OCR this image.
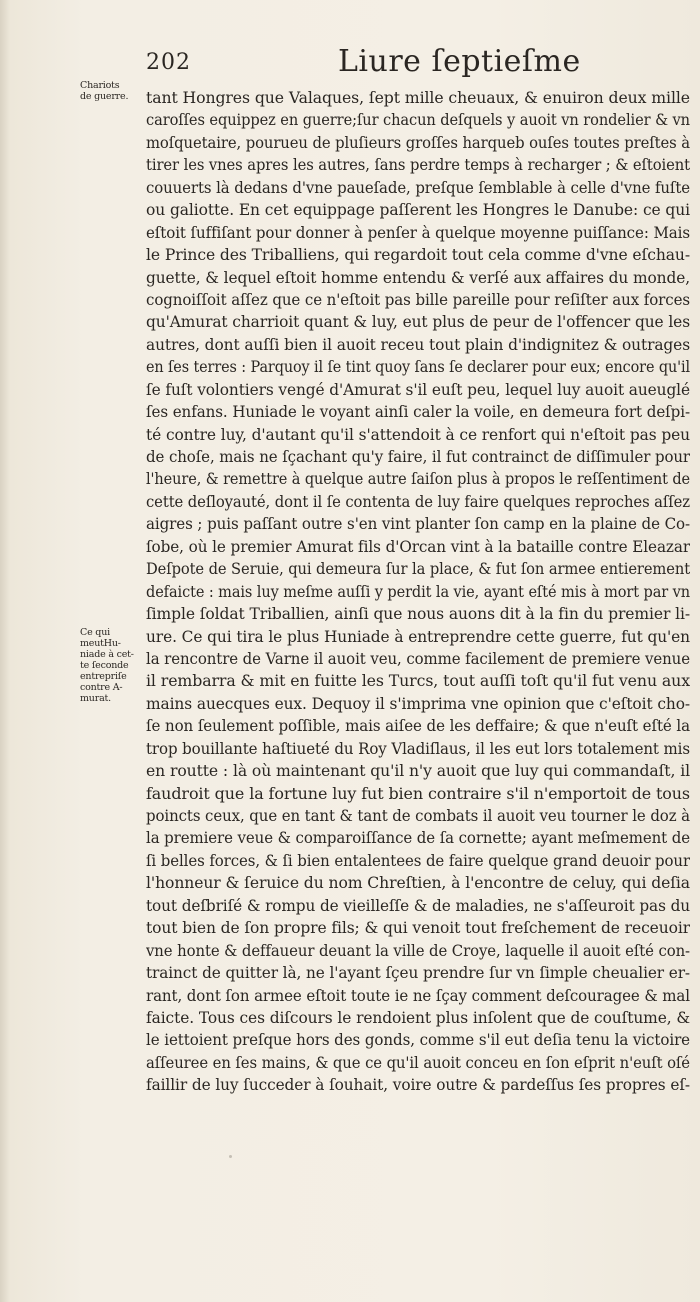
202	Liure ſeptieſme
Chariots
de guerre.
Ce qui
meutHu-
niade à cet-
te ſeconde
entrepriſe
contre A-
murat.
tant Hongres que Valaques, ſept mille cheuaux, & enuiron deux mille
caroſſes equippez en guerre;ſur chacun deſquels y auoit vn rondelier & vn
moſquetaire, pourueu de pluſieurs groſſes harqueb ouſes toutes preſtes à
tirer les vnes apres les autres, ſans perdre temps à recharger ; & eſtoient
couuerts là dedans d'vne paueſade, preſque ſemblable à celle d'vne fuſte
ou galiotte. En cet equippage paſſerent les Hongres le Danube: ce qui
eſtoit ſuffiſant pour donner à penſer à quelque moyenne puiſſance: Mais
le Prince des Triballiens, qui regardoit tout cela comme d'vne eſchau-
guette, & lequel eſtoit homme entendu & verſé aux affaires du monde,
cognoiſſoit aſſez que ce n'eſtoit pas bille pareille pour reſiſter aux forces
qu'Amurat charrioit quant & luy, eut plus de peur de l'offencer que les
autres, dont auſſi bien il auoit receu tout plain d'indignitez & outrages
en ſes terres : Parquoy il ſe tint quoy ſans ſe declarer pour eux; encore qu'il
ſe fuſt volontiers vengé d'Amurat s'il euſt peu, lequel luy auoit aueuglé
ſes enfans. Huniade le voyant ainſi caler la voile, en demeura fort deſpi-
té contre luy, d'autant qu'il s'attendoit à ce renfort qui n'eſtoit pas peu
de choſe, mais ne ſçachant qu'y faire, il fut contrainct de diſſimuler pour
l'heure, & remettre à quelque autre ſaiſon plus à propos le reſſentiment de
cette deſloyauté, dont il ſe contenta de luy faire quelques reproches aſſez
aigres ; puis paſſant outre s'en vint planter ſon camp en la plaine de Co-
ſobe, où le premier Amurat fils d'Orcan vint à la bataille contre Eleazar
Deſpote de Seruie, qui demeura ſur la place, & fut ſon armee entierement
defaicte : mais luy meſme auſſi y perdit la vie, ayant eſté mis à mort par vn
ſimple ſoldat Triballien, ainſi que nous auons dit à la fin du premier li-
ure. Ce qui tira le plus Huniade à entreprendre cette guerre, fut qu'en
la rencontre de Varne il auoit veu, comme facilement de premiere venue
il rembarra & mit en fuitte les Turcs, tout auſſi toſt qu'il fut venu aux
mains auecques eux. Dequoy il s'imprima vne opinion que c'eſtoit cho-
ſe non ſeulement poſſible, mais aiſee de les deffaire; & que n'euſt eſté la
trop bouillante haſtiueté du Roy Vladiſlaus, il les eut lors totalement mis
en routte : là où maintenant qu'il n'y auoit que luy qui commandaſt, il
faudroit que la fortune luy fut bien contraire s'il n'emportoit de tous
poincts ceux, que en tant & tant de combats il auoit veu tourner le doz à
la premiere veue & comparoiſſance de ſa cornette; ayant meſmement de
ſi belles forces, & ſi bien entalentees de faire quelque grand deuoir pour
l'honneur & ſeruice du nom Chreſtien, à l'encontre de celuy, qui deſia
tout deſbriſé & rompu de vieilleſſe & de maladies, ne s'aſſeuroit pas du
tout bien de ſon propre fils; & qui venoit tout freſchement de receuoir
vne honte & deffaueur deuant la ville de Croye, laquelle il auoit eſté con-
trainct de quitter là, ne l'ayant ſçeu prendre ſur vn ſimple cheualier er-
rant, dont ſon armee eſtoit toute ie ne ſçay comment deſcouragee & mal
faicte. Tous ces diſcours le rendoient plus inſolent que de couſtume, &
le iettoient preſque hors des gonds, comme s'il eut deſia tenu la victoire
aſſeuree en ſes mains, & que ce qu'il auoit conceu en ſon eſprit n'euſt oſé
faillir de luy ſucceder à ſouhait, voire outre & pardeſſus ſes propres eſ-
